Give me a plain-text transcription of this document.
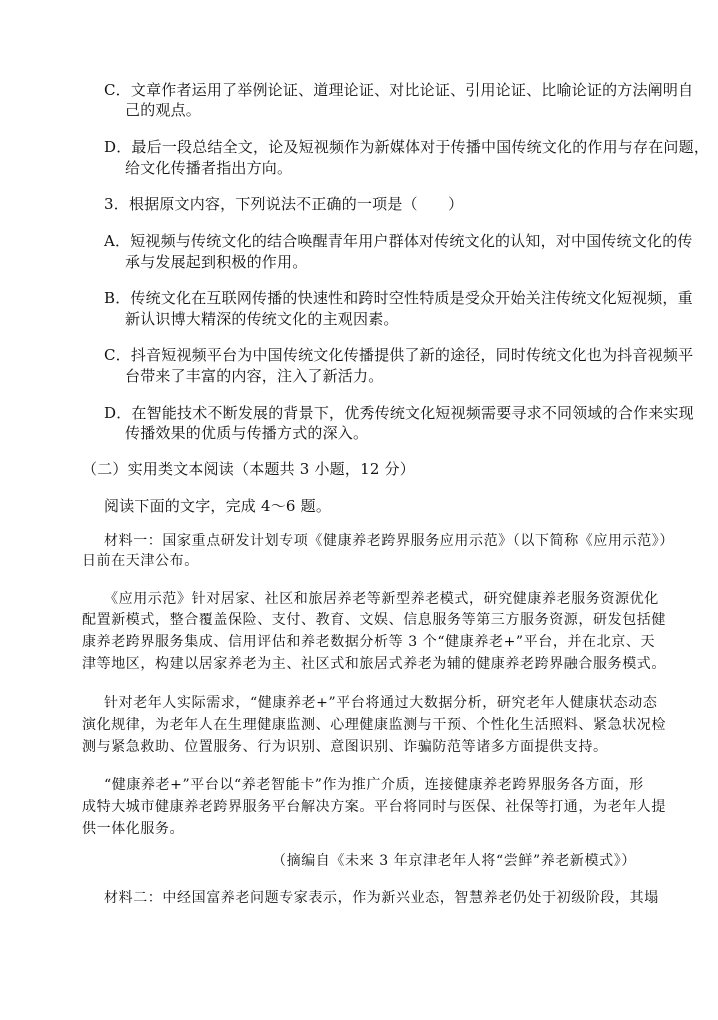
C．文章作者运用了举例论证、道理论证、对比论证、引用论证、比喻论证的方法阐明自
己的观点。
D．最后一段总结全文，论及短视频作为新媒体对于传播中国传统文化的作用与存在问题，
给文化传播者指出方向。
3．根据原文内容，下列说法不正确的一项是（　　）
A．短视频与传统文化的结合唤醒青年用户群体对传统文化的认知，对中国传统文化的传
承与发展起到积极的作用。
B．传统文化在互联网传播的快速性和跨时空性特质是受众开始关注传统文化短视频，重
新认识博大精深的传统文化的主观因素。
C．抖音短视频平台为中国传统文化传播提供了新的途径，同时传统文化也为抖音视频平
台带来了丰富的内容，注入了新活力。
D．在智能技术不断发展的背景下，优秀传统文化短视频需要寻求不同领域的合作来实现
传播效果的优质与传播方式的深入。
（二）实用类文本阅读（本题共 3 小题，12 分）
阅读下面的文字，完成 4～6 题。
材料一：国家重点研发计划专项《健康养老跨界服务应用示范》（以下简称《应用示范》）
日前在天津公布。
《应用示范》针对居家、社区和旅居养老等新型养老模式，研究健康养老服务资源优化
配置新模式，整合覆盖保险、支付、教育、文娱、信息服务等第三方服务资源，研发包括健
康养老跨界服务集成、信用评估和养老数据分析等 3 个“健康养老+”平台，并在北京、天
津等地区，构建以居家养老为主、社区式和旅居式养老为辅的健康养老跨界融合服务模式。
针对老年人实际需求，“健康养老+”平台将通过大数据分析，研究老年人健康状态动态
演化规律，为老年人在生理健康监测、心理健康监测与干预、个性化生活照料、紧急状况检
测与紧急救助、位置服务、行为识别、意图识别、诈骗防范等诸多方面提供支持。
“健康养老+”平台以“养老智能卡”作为推广介质，连接健康养老跨界服务各方面，形
成特大城市健康养老跨界服务平台解决方案。平台将同时与医保、社保等打通，为老年人提
供一体化服务。
（摘编自《未来 3 年京津老年人将“尝鲜”养老新模式》）
材料二：中经国富养老问题专家表示，作为新兴业态，智慧养老仍处于初级阶段，其塌
